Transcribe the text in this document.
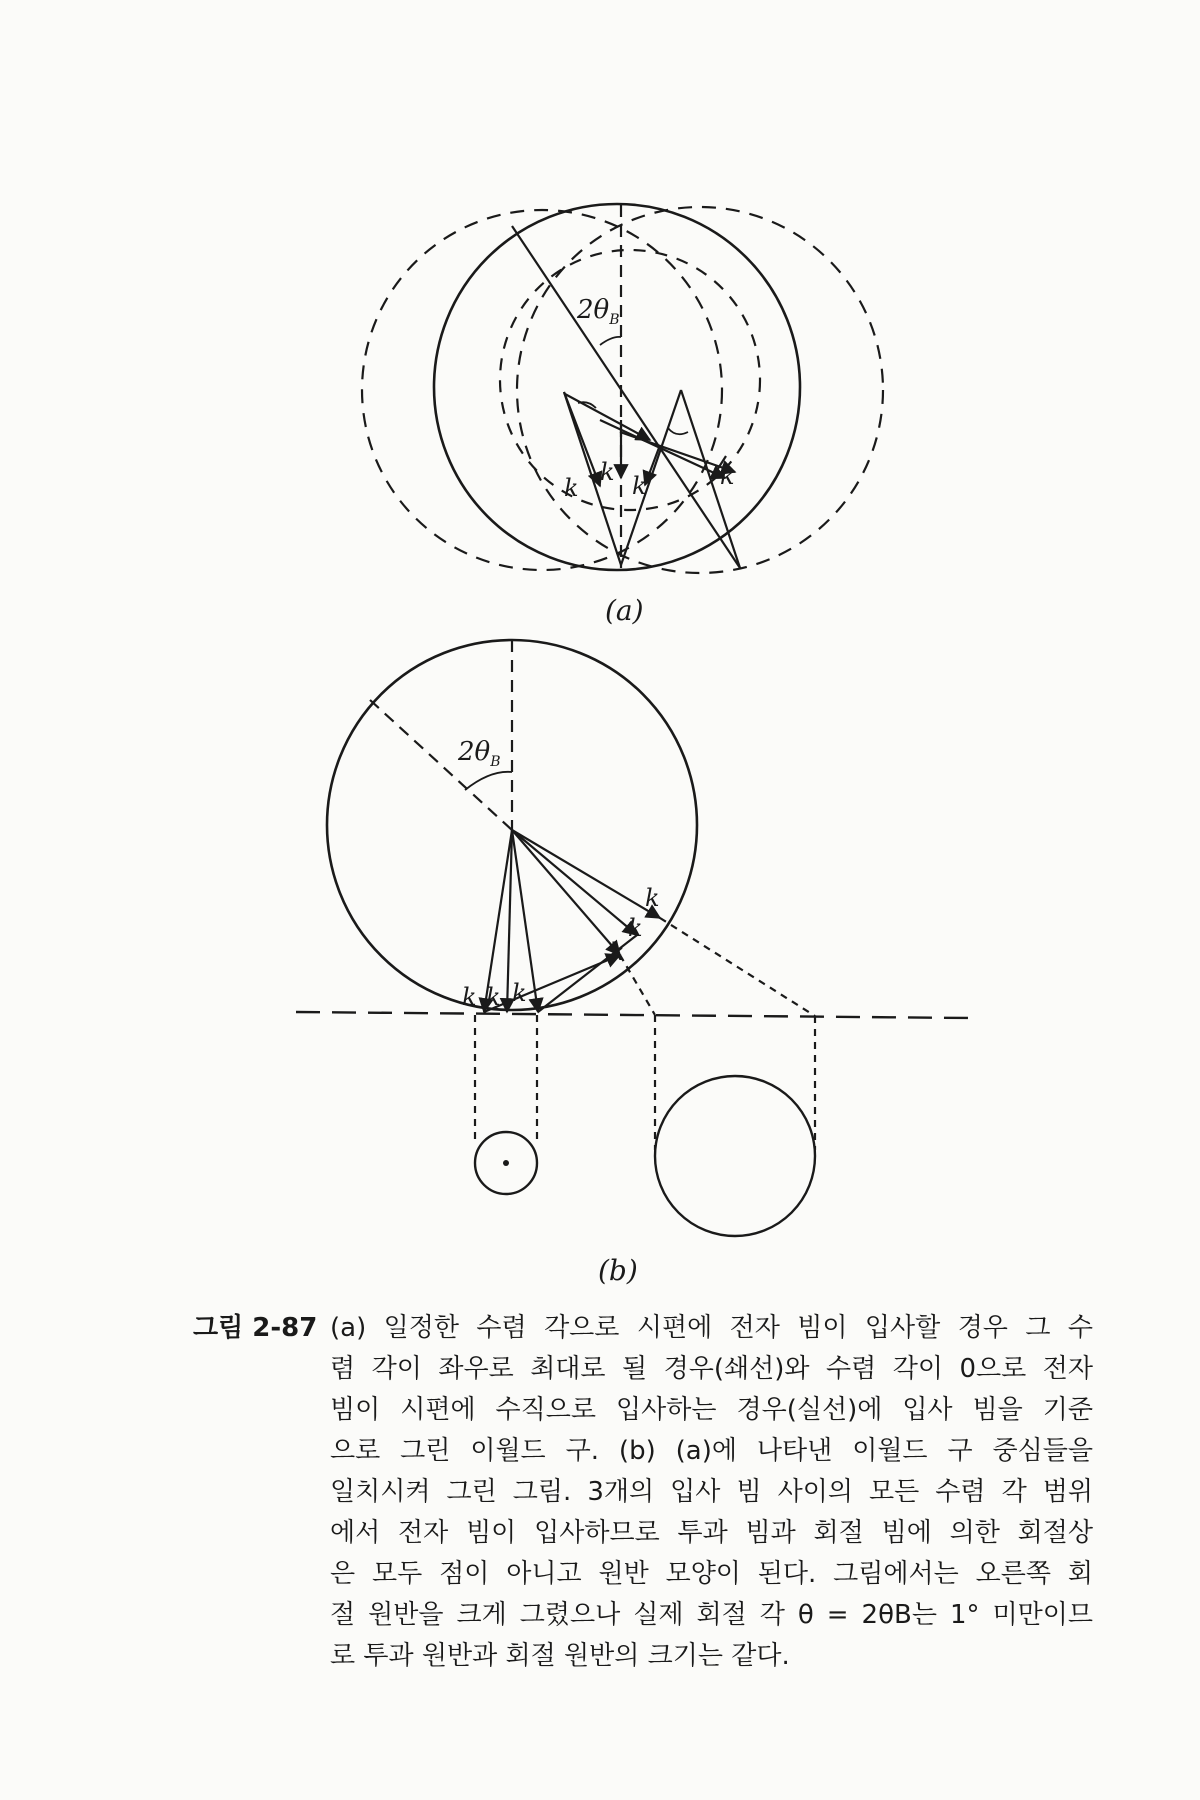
$2\theta_B$
k
k k	k
(a)
$2\theta_B$
k k k
k
k
k
(b)
그림 2-87 (a) 일정한 수렴 각으로 시편에 전자 빔이 입사할 경우 그 수
렴 각이 좌우로 최대로 될 경우(쇄선)와 수렴 각이 0으로 전자
빔이 시편에 수직으로 입사하는 경우(실선)에 입사 빔을 기준
으로 그린 이월드 구. (b) (a)에 나타낸 이월드 구 중심들을
일치시켜 그린 그림. 3개의 입사 빔 사이의 모든 수렴 각 범위
에서 전자 빔이 입사하므로 투과 빔과 회절 빔에 의한 회절상
은 모두 점이 아니고 원반 모양이 된다. 그림에서는 오른쪽 회
절 원반을 크게 그렸으나 실제 회절 각 θ = 2θB는 1° 미만이므
로 투과 원반과 회절 원반의 크기는 같다.
